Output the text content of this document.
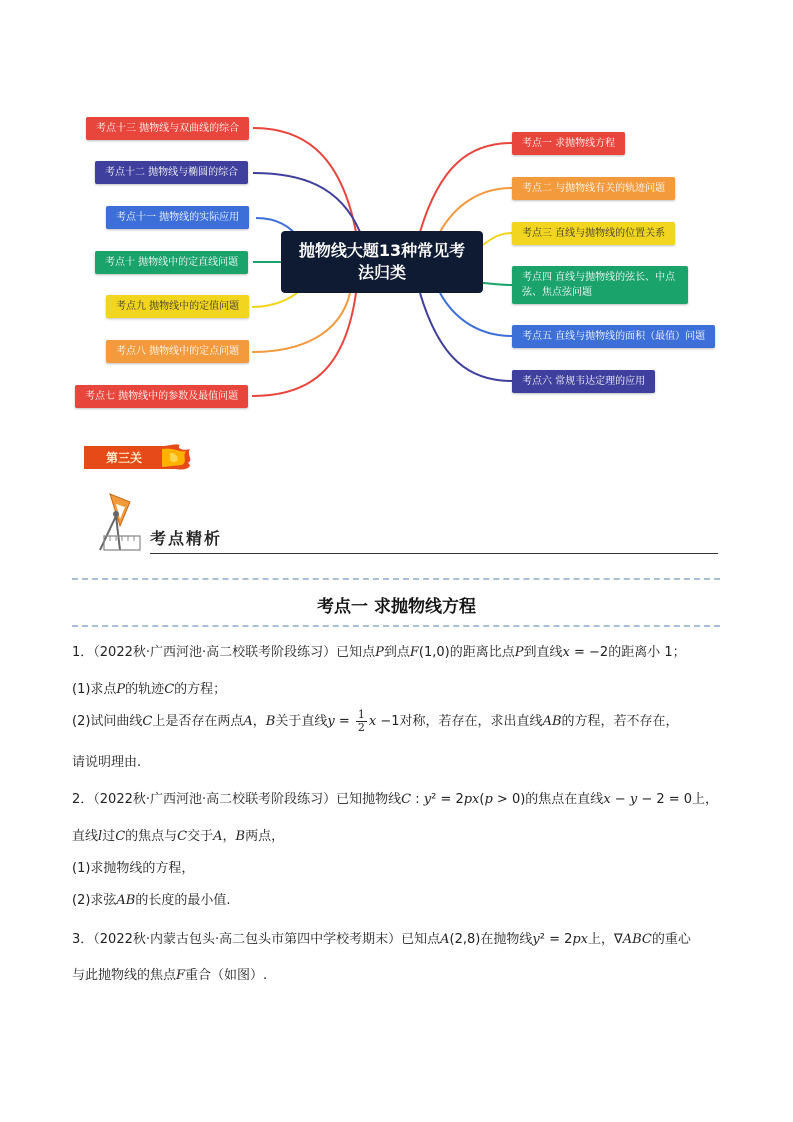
抛物线大题13种常见考法归类
考点十三 抛物线与双曲线的综合
考点十二 抛物线与椭圆的综合
考点十一 抛物线的实际应用
考点十 抛物线中的定直线问题
考点九 抛物线中的定值问题
考点八 抛物线中的定点问题
考点七 抛物线中的参数及最值问题
考点一 求抛物线方程
考点二 与抛物线有关的轨迹问题
考点三 直线与抛物线的位置关系
考点四 直线与抛物线的弦长、中点弦、焦点弦问题
考点五 直线与抛物线的面积（最值）问题
考点六 常规韦达定理的应用
第三关
考点精析
考点一 求抛物线方程
1．（2022秋·广西河池·高二校联考阶段练习）已知点P到点F(1,0)的距离比点P到直线x = −2的距离小 1；
(1)求点P的轨迹C的方程；
(2)试问曲线C上是否存在两点A，B关于直线$y = \frac{1}{2}$ x −1对称，若存在，求出直线AB的方程，若不存在，
请说明理由.
2．（2022秋·广西河池·高二校联考阶段练习）已知抛物线C : y² = 2px(p > 0)的焦点在直线x − y − 2 = 0上，
直线l过C的焦点与C交于A，B两点，
(1)求抛物线的方程，
(2)求弦AB的长度的最小值.
3．（2022秋·内蒙古包头·高二包头市第四中学校考期末）已知点A(2,8)在抛物线y² = 2px上，∇ABC的重心
与此抛物线的焦点F重合（如图）.
